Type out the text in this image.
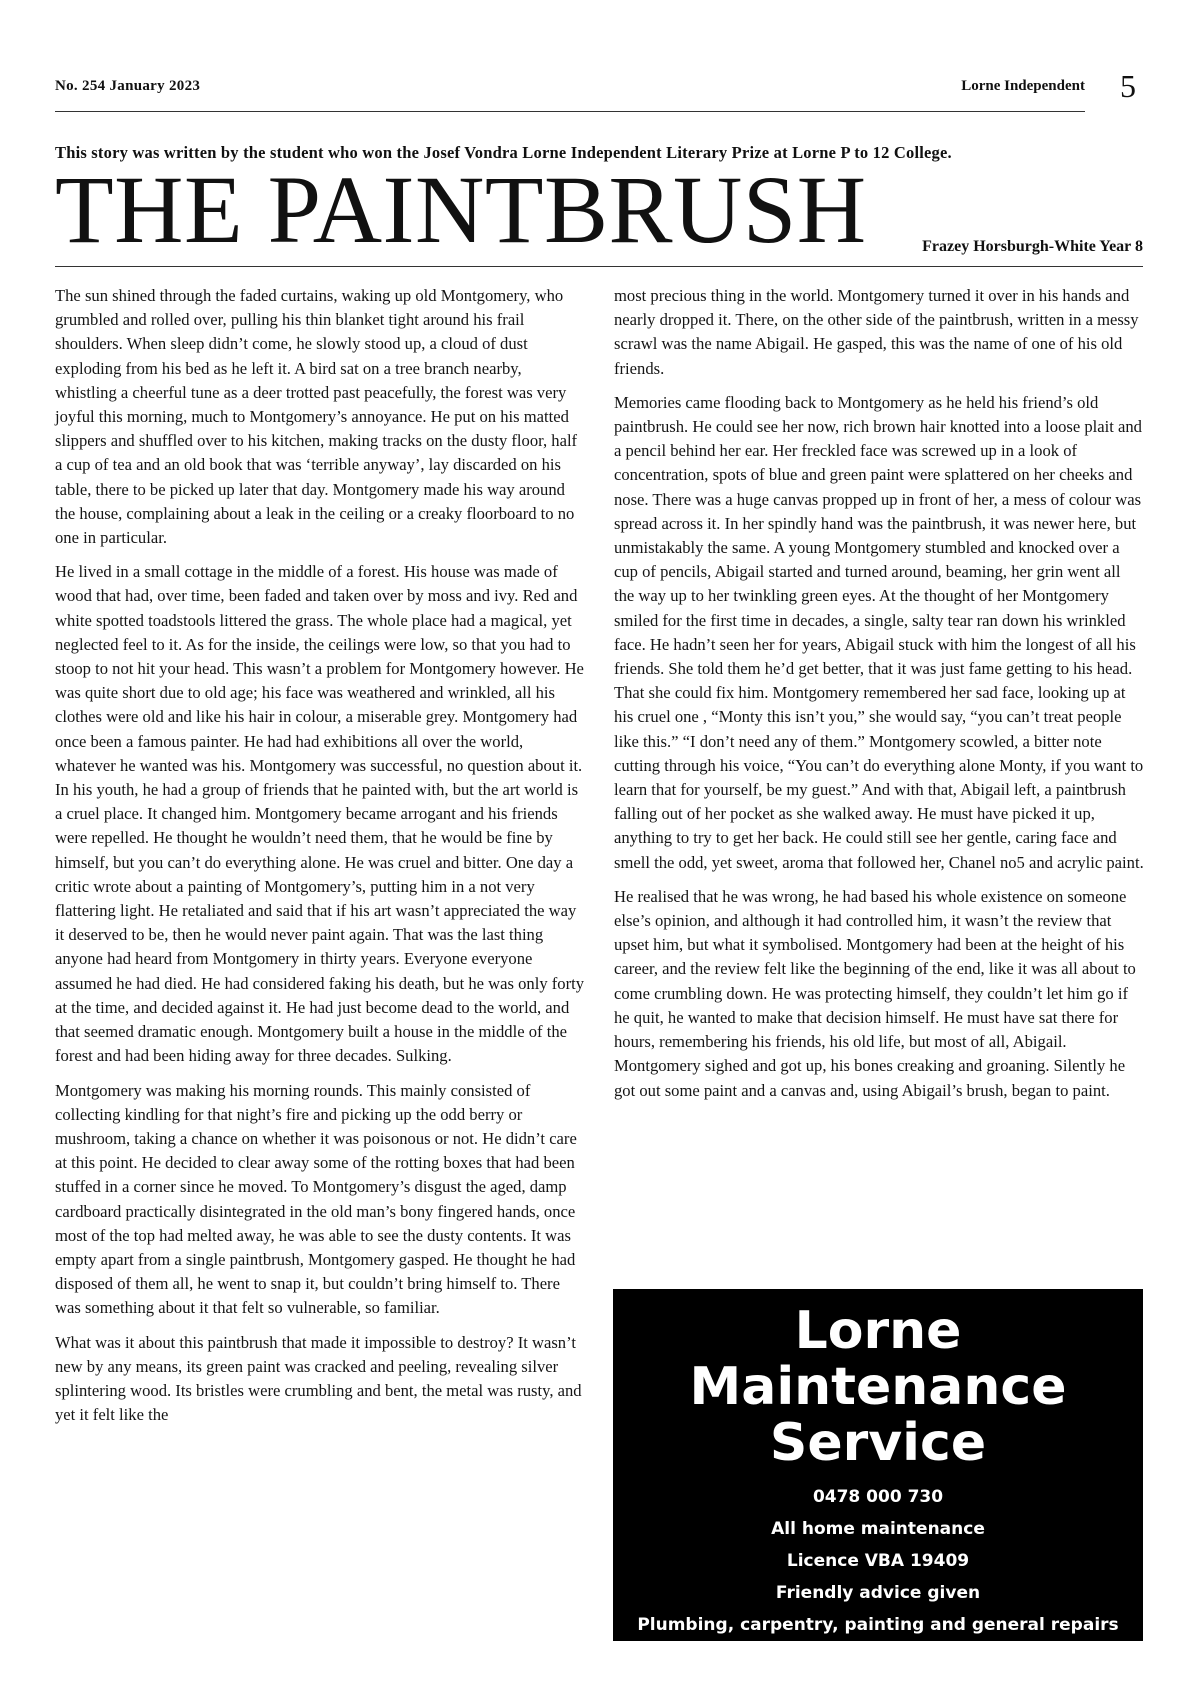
No. 254 January 2023	Lorne Independent 5
This story was written by the student who won the Josef Vondra Lorne Independent Literary Prize at Lorne P to 12 College.
THE PAINTBRUSH	Frazey Horsburgh-White Year 8

The sun shined through the faded curtains, waking up old Montgomery, who grumbled and rolled over, pulling his thin blanket tight around his frail shoulders. When sleep didn’t come, he slowly stood up, a cloud of dust exploding from his bed as he left it. A bird sat on a tree branch nearby, whistling a cheerful tune as a deer trotted past peacefully, the forest was very joyful this morning, much to Montgomery’s annoyance. He put on his matted slippers and shuffled over to his kitchen, making tracks on the dusty floor, half a cup of tea and an old book that was ‘terrible anyway’, lay discarded on his table, there to be picked up later that day. Montgomery made his way around the house, complaining about a leak in the ceiling or a creaky floorboard to no one in particular.

He lived in a small cottage in the middle of a forest. His house was made of wood that had, over time, been faded and taken over by moss and ivy. Red and white spotted toadstools littered the grass. The whole place had a magical, yet neglected feel to it. As for the inside, the ceilings were low, so that you had to stoop to not hit your head. This wasn’t a problem for Montgomery however. He was quite short due to old age; his face was weathered and wrinkled, all his clothes were old and like his hair in colour, a miserable grey. Montgomery had once been a famous painter. He had had exhibitions all over the world, whatever he wanted was his. Montgomery was successful, no question about it. In his youth, he had a group of friends that he painted with, but the art world is a cruel place. It changed him. Montgomery became arrogant and his friends were repelled. He thought he wouldn’t need them, that he would be fine by himself, but you can’t do everything alone. He was cruel and bitter. One day a critic wrote about a painting of Montgomery’s, putting him in a not very flattering light. He retaliated and said that if his art wasn’t appreciated the way it deserved to be, then he would never paint again. That was the last thing anyone had heard from Montgomery in thirty years. Everyone everyone assumed he had died. He had considered faking his death, but he was only forty at the time, and decided against it. He had just become dead to the world, and that seemed dramatic enough. Montgomery built a house in the middle of the forest and had been hiding away for three decades. Sulking.

Montgomery was making his morning rounds. This mainly consisted of collecting kindling for that night’s fire and picking up the odd berry or mushroom, taking a chance on whether it was poisonous or not. He didn’t care at this point. He decided to clear away some of the rotting boxes that had been stuffed in a corner since he moved. To Montgomery’s disgust the aged, damp cardboard practically disintegrated in the old man’s bony fingered hands, once most of the top had melted away, he was able to see the dusty contents. It was empty apart from a single paintbrush, Montgomery gasped. He thought he had disposed of them all, he went to snap it, but couldn’t bring himself to. There was something about it that felt so vulnerable, so familiar.

What was it about this paintbrush that made it impossible to destroy? It wasn’t new by any means, its green paint was cracked and peeling, revealing silver splintering wood. Its bristles were crumbling and bent, the metal was rusty, and yet it felt like the

most precious thing in the world. Montgomery turned it over in his hands and nearly dropped it. There, on the other side of the paintbrush, written in a messy scrawl was the name Abigail. He gasped, this was the name of one of his old friends.

Memories came flooding back to Montgomery as he held his friend’s old paintbrush. He could see her now, rich brown hair knotted into a loose plait and a pencil behind her ear. Her freckled face was screwed up in a look of concentration, spots of blue and green paint were splattered on her cheeks and nose. There was a huge canvas propped up in front of her, a mess of colour was spread across it. In her spindly hand was the paintbrush, it was newer here, but unmistakably the same. A young Montgomery stumbled and knocked over a cup of pencils, Abigail started and turned around, beaming, her grin went all the way up to her twinkling green eyes. At the thought of her Montgomery smiled for the first time in decades, a single, salty tear ran down his wrinkled face. He hadn’t seen her for years, Abigail stuck with him the longest of all his friends. She told them he’d get better, that it was just fame getting to his head. That she could fix him. Montgomery remembered her sad face, looking up at his cruel one , “Monty this isn’t you,” she would say, “you can’t treat people like this.” “I don’t need any of them.” Montgomery scowled, a bitter note cutting through his voice, “You can’t do everything alone Monty, if you want to learn that for yourself, be my guest.” And with that, Abigail left, a paintbrush falling out of her pocket as she walked away. He must have picked it up, anything to try to get her back. He could still see her gentle, caring face and smell the odd, yet sweet, aroma that followed her, Chanel no5 and acrylic paint.

He realised that he was wrong, he had based his whole existence on someone else’s opinion, and although it had controlled him, it wasn’t the review that upset him, but what it symbolised. Montgomery had been at the height of his career, and the review felt like the beginning of the end, like it was all about to come crumbling down. He was protecting himself, they couldn’t let him go if he quit, he wanted to make that decision himself. He must have sat there for hours, remembering his friends, his old life, but most of all, Abigail. Montgomery sighed and got up, his bones creaking and groaning. Silently he got out some paint and a canvas and, using Abigail’s brush, began to paint.

Lorne
Maintenance
Service
0478 000 730
All home maintenance
Licence VBA 19409
Friendly advice given
Plumbing, carpentry, painting and general repairs
